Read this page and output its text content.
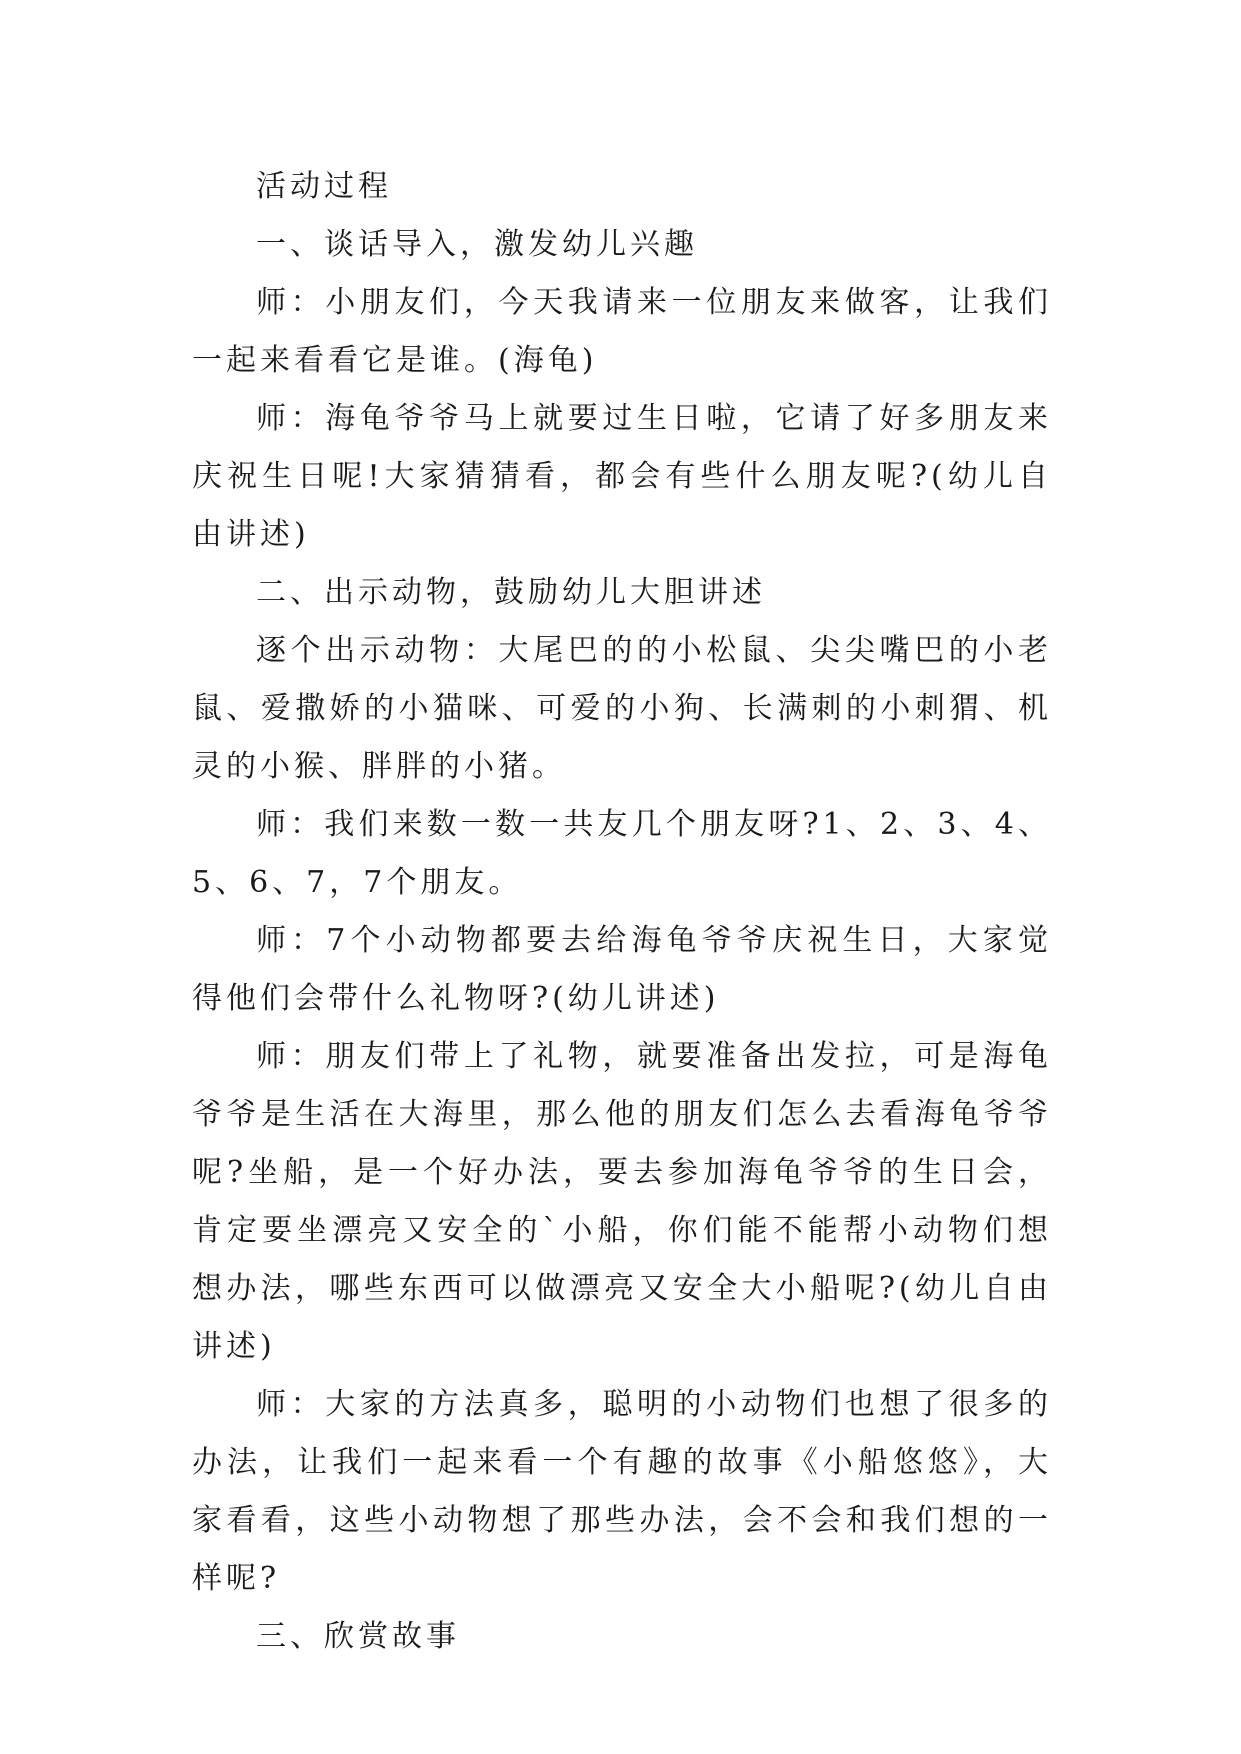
活动过程

一、谈话导入，激发幼儿兴趣

师：小朋友们，今天我请来一位朋友来做客，让我们一起来看看它是谁。(海龟)

师：海龟爷爷马上就要过生日啦，它请了好多朋友来庆祝生日呢!大家猜猜看，都会有些什么朋友呢?(幼儿自由讲述)

二、出示动物，鼓励幼儿大胆讲述

逐个出示动物：大尾巴的的小松鼠、尖尖嘴巴的小老鼠、爱撒娇的小猫咪、可爱的小狗、长满刺的小刺猬、机灵的小猴、胖胖的小猪。

师：我们来数一数一共友几个朋友呀?1、2、3、4、5、6、7，7个朋友。

师：7个小动物都要去给海龟爷爷庆祝生日，大家觉得他们会带什么礼物呀?(幼儿讲述)

师：朋友们带上了礼物，就要准备出发拉，可是海龟爷爷是生活在大海里，那么他的朋友们怎么去看海龟爷爷呢?坐船，是一个好办法，要去参加海龟爷爷的生日会，肯定要坐漂亮又安全的`小船，你们能不能帮小动物们想想办法，哪些东西可以做漂亮又安全大小船呢?(幼儿自由讲述)

师：大家的方法真多，聪明的小动物们也想了很多的办法，让我们一起来看一个有趣的故事《小船悠悠》，大家看看，这些小动物想了那些办法，会不会和我们想的一样呢?

三、欣赏故事
